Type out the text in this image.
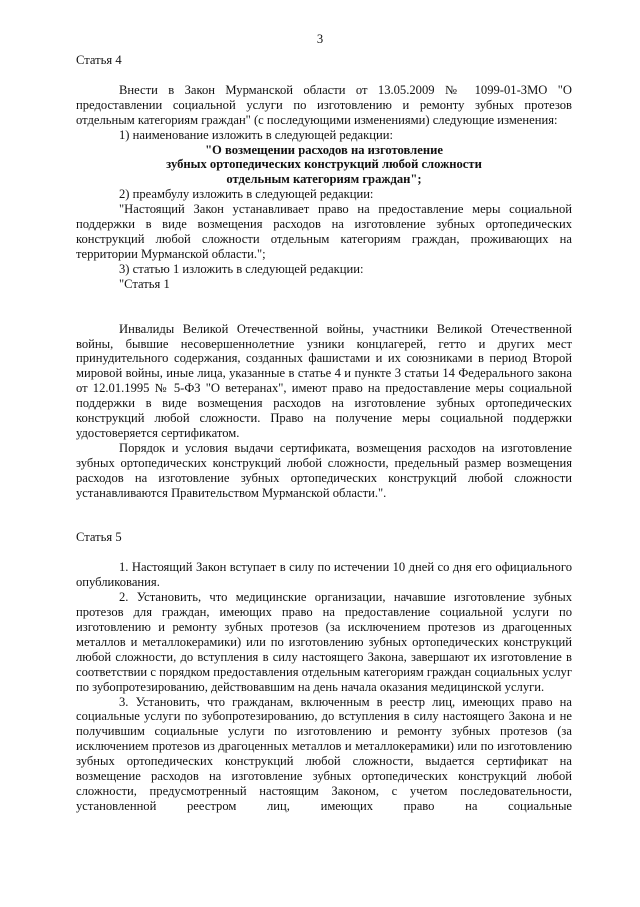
3

Статья 4

Внести в Закон Мурманской области от 13.05.2009 № 1099-01-ЗМО "О предоставлении социальной услуги по изготовлению и ремонту зубных протезов отдельным категориям граждан" (с последующими изменениями) следующие изменения:

1) наименование изложить в следующей редакции:

"О возмещении расходов на изготовление

зубных ортопедических конструкций любой сложности

отдельным категориям граждан";

2) преамбулу изложить в следующей редакции:

"Настоящий Закон устанавливает право на предоставление меры социальной поддержки в виде возмещения расходов на изготовление зубных ортопедических конструкций любой сложности отдельным категориям граждан, проживающих на территории Мурманской области.";

3) статью 1 изложить в следующей редакции:

"Статья 1

Инвалиды Великой Отечественной войны, участники Великой Отечественной войны, бывшие несовершеннолетние узники концлагерей, гетто и других мест принудительного содержания, созданных фашистами и их союзниками в период Второй мировой войны, иные лица, указанные в статье 4 и пункте 3 статьи 14 Федерального закона от 12.01.1995 № 5-ФЗ "О ветеранах", имеют право на предоставление меры социальной поддержки в виде возмещения расходов на изготовление зубных ортопедических конструкций любой сложности. Право на получение меры социальной поддержки удостоверяется сертификатом.

Порядок и условия выдачи сертификата, возмещения расходов на изготовление зубных ортопедических конструкций любой сложности, предельный размер возмещения расходов на изготовление зубных ортопедических конструкций любой сложности устанавливаются Правительством Мурманской области.".

Статья 5

1. Настоящий Закон вступает в силу по истечении 10 дней со дня его официального опубликования.

2. Установить, что медицинские организации, начавшие изготовление зубных протезов для граждан, имеющих право на предоставление социальной услуги по изготовлению и ремонту зубных протезов (за исключением протезов из драгоценных металлов и металлокерамики) или по изготовлению зубных ортопедических конструкций любой сложности, до вступления в силу настоящего Закона, завершают их изготовление в соответствии с порядком предоставления отдельным категориям граждан социальных услуг по зубопротезированию, действовавшим на день начала оказания медицинской услуги.

3. Установить, что гражданам, включенным в реестр лиц, имеющих право на социальные услуги по зубопротезированию, до вступления в силу настоящего Закона и не получившим социальные услуги по изготовлению и ремонту зубных протезов (за исключением протезов из драгоценных металлов и металлокерамики) или по изготовлению зубных ортопедических конструкций любой сложности, выдается сертификат на возмещение расходов на изготовление зубных ортопедических конструкций любой сложности, предусмотренный настоящим Законом, с учетом последовательности, установленной реестром лиц, имеющих право на социальные
